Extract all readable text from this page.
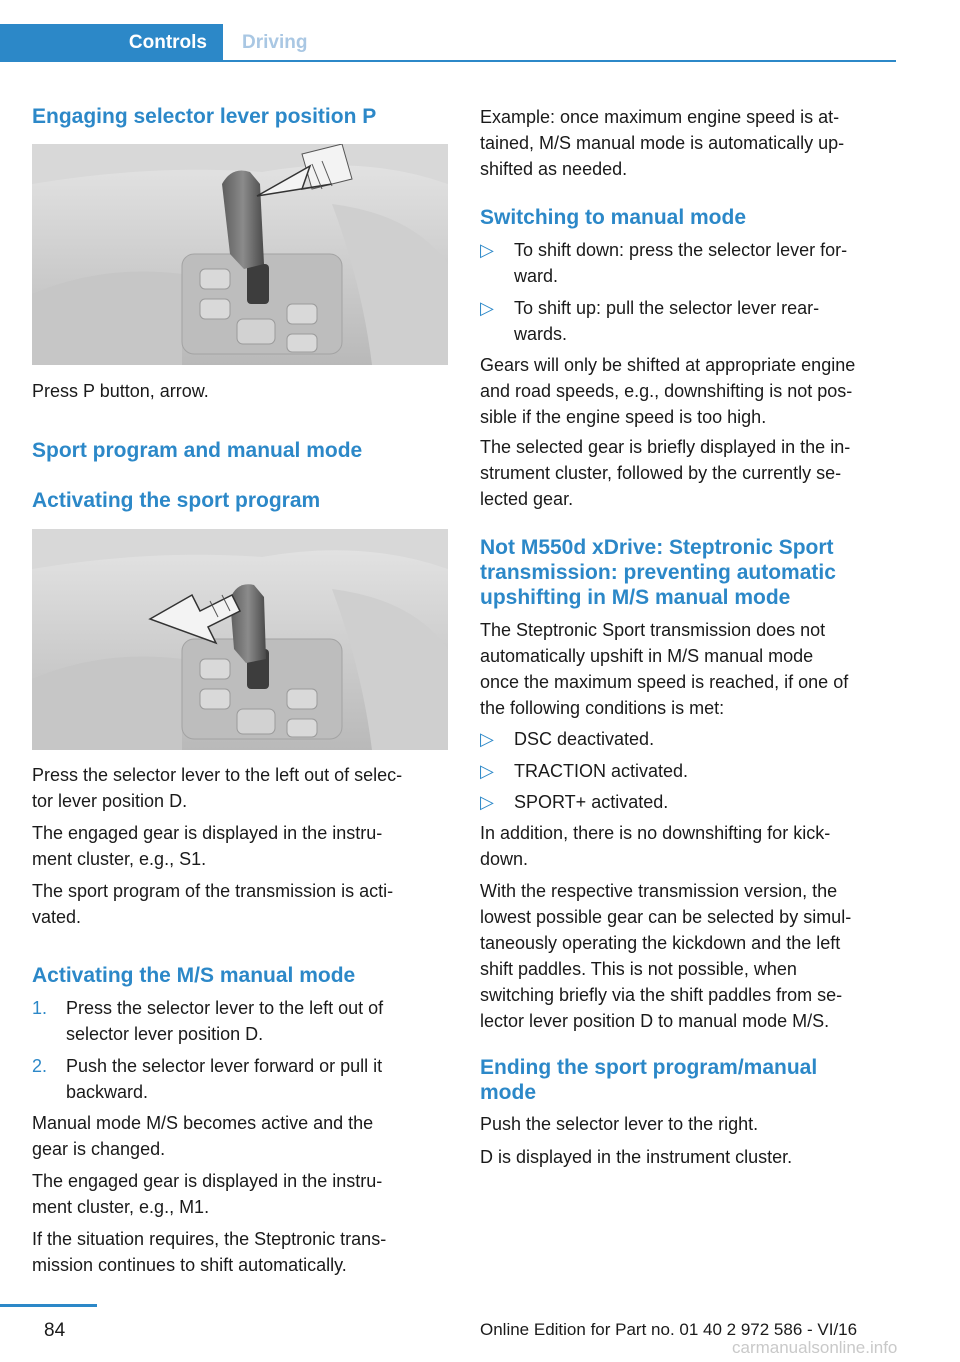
Controls	Driving
Engaging selector lever position P

Press P button, arrow.

Sport program and manual mode
Activating the sport program

Press the selector lever to the left out of selec‐

tor lever position D.

The engaged gear is displayed in the instru‐

ment cluster, e.g., S1.

The sport program of the transmission is acti‐

vated.

Activating the M/S manual mode
1. Press the selector lever to the left out of
selector lever position D.
2. Push the selector lever forward or pull it
backward.

Manual mode M/S becomes active and the

gear is changed.

The engaged gear is displayed in the instru‐

ment cluster, e.g., M1.

If the situation requires, the Steptronic trans‐

mission continues to shift automatically.

Example: once maximum engine speed is at‐

tained, M/S manual mode is automatically up‐

shifted as needed.

Switching to manual mode
▷ To shift down: press the selector lever for‐
ward.
▷ To shift up: pull the selector lever rear‐
wards.

Gears will only be shifted at appropriate engine

and road speeds, e.g., downshifting is not pos‐

sible if the engine speed is too high.

The selected gear is briefly displayed in the in‐

strument cluster, followed by the currently se‐

lected gear.

Not M550d xDrive: Steptronic Sport
transmission: preventing automatic
upshifting in M/S manual mode

The Steptronic Sport transmission does not

automatically upshift in M/S manual mode

once the maximum speed is reached, if one of

the following conditions is met:

▷ DSC deactivated.
▷ TRACTION activated.
▷ SPORT+ activated.

In addition, there is no downshifting for kick‐

down.

With the respective transmission version, the

lowest possible gear can be selected by simul‐

taneously operating the kickdown and the left

shift paddles. This is not possible, when

switching briefly via the shift paddles from se‐

lector lever position D to manual mode M/S.

Ending the sport program/manual
mode

Push the selector lever to the right.

D is displayed in the instrument cluster.

84	Online Edition for Part no. 01 40 2 972 586 - VI/16
carmanualsonline.info
